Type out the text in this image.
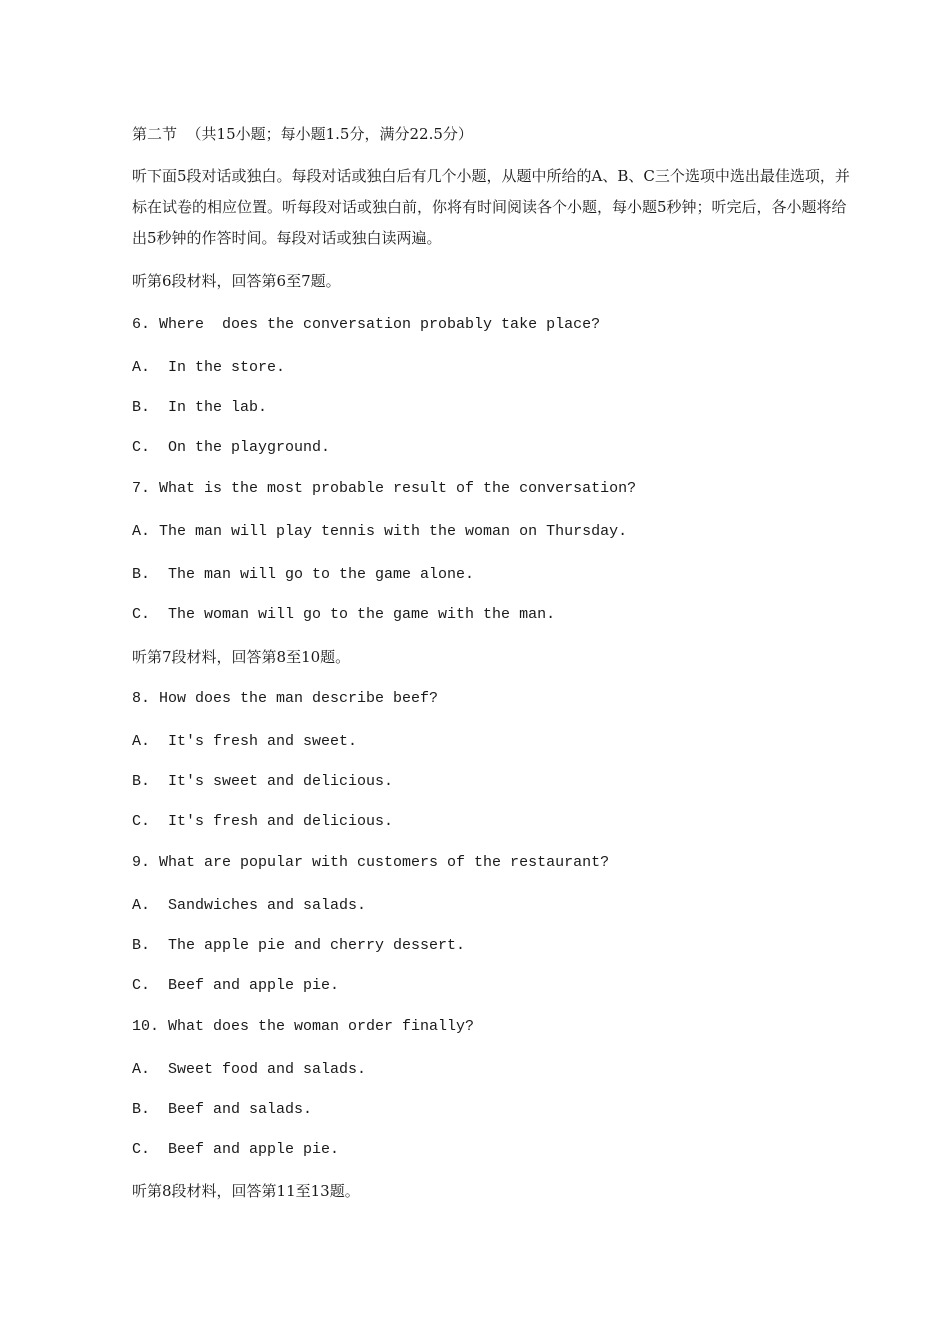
第二节  （共15小题；每小题1.5分，满分22.5分）
听下面5段对话或独白。每段对话或独白后有几个小题，从题中所给的A、B、C三个选项中选出最佳选项，并标在试卷的相应位置。听每段对话或独白前，你将有时间阅读各个小题，每小题5秒钟；听完后，各小题将给出5秒钟的作答时间。每段对话或独白读两遍。
听第6段材料，回答第6至7题。
6. Where  does the conversation probably take place?
A.  In the store.
B.  In the lab.
C.  On the playground.
7. What is the most probable result of the conversation?
A. The man will play tennis with the woman on Thursday.
B.  The man will go to the game alone.
C.  The woman will go to the game with the man.
听第7段材料，回答第8至10题。
8. How does the man describe beef?
A.  It's fresh and sweet.
B.  It's sweet and delicious.
C.  It's fresh and delicious.
9. What are popular with customers of the restaurant?
A.  Sandwiches and salads.
B.  The apple pie and cherry dessert.
C.  Beef and apple pie.
10. What does the woman order finally?
A.  Sweet food and salads.
B.  Beef and salads.
C.  Beef and apple pie.
听第8段材料，回答第11至13题。
